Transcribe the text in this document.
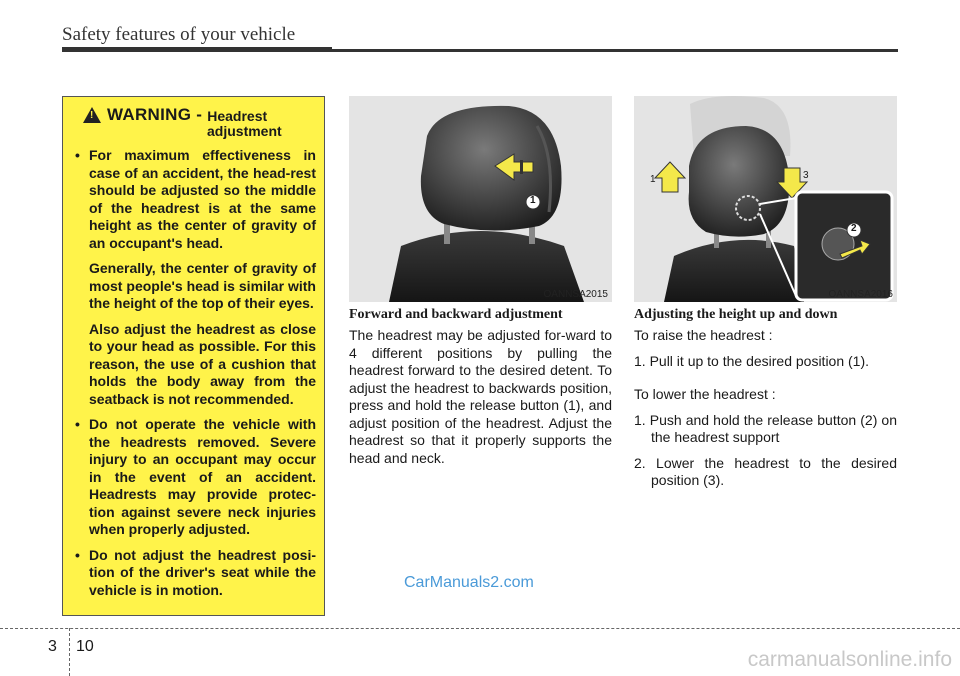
Safety features of your vehicle
!
WARNING - Headrest
adjustment

• For maximum effectiveness in case of an accident, the head-rest should be adjusted so the middle of the headrest is at the same height as the center of gravity of an occupant's head.

Generally, the center of gravity of most people's head is similar with the height of the top of their eyes.

Also adjust the headrest as close to your head as possible. For this reason, the use of a cushion that holds the body away from the seatback is not recommended.

• Do not operate the vehicle with the headrests removed. Severe injury to an occupant may occur in the event of an accident. Headrests may provide protec-tion against severe neck injuries when properly adjusted.

• Do not adjust the headrest posi-tion of the driver's seat while the vehicle is in motion.

1
OANNSA2015
1
2
3
OANNSA2016
Forward and backward adjustment

The headrest may be adjusted for-ward to 4 different positions by pulling the headrest forward to the desired detent. To adjust the headrest to backwards position, press and hold the release button (1), and adjust position of the headrest. Adjust the headrest so that it properly supports the head and neck.

Adjusting the height up and down

To raise the headrest :

1. Pull it up to the desired position (1).

To lower the headrest :

1. Push and hold the release button (2) on the headrest support

2. Lower the headrest to the desired position (3).

CarManuals2.com
3 10
carmanualsonline.info
